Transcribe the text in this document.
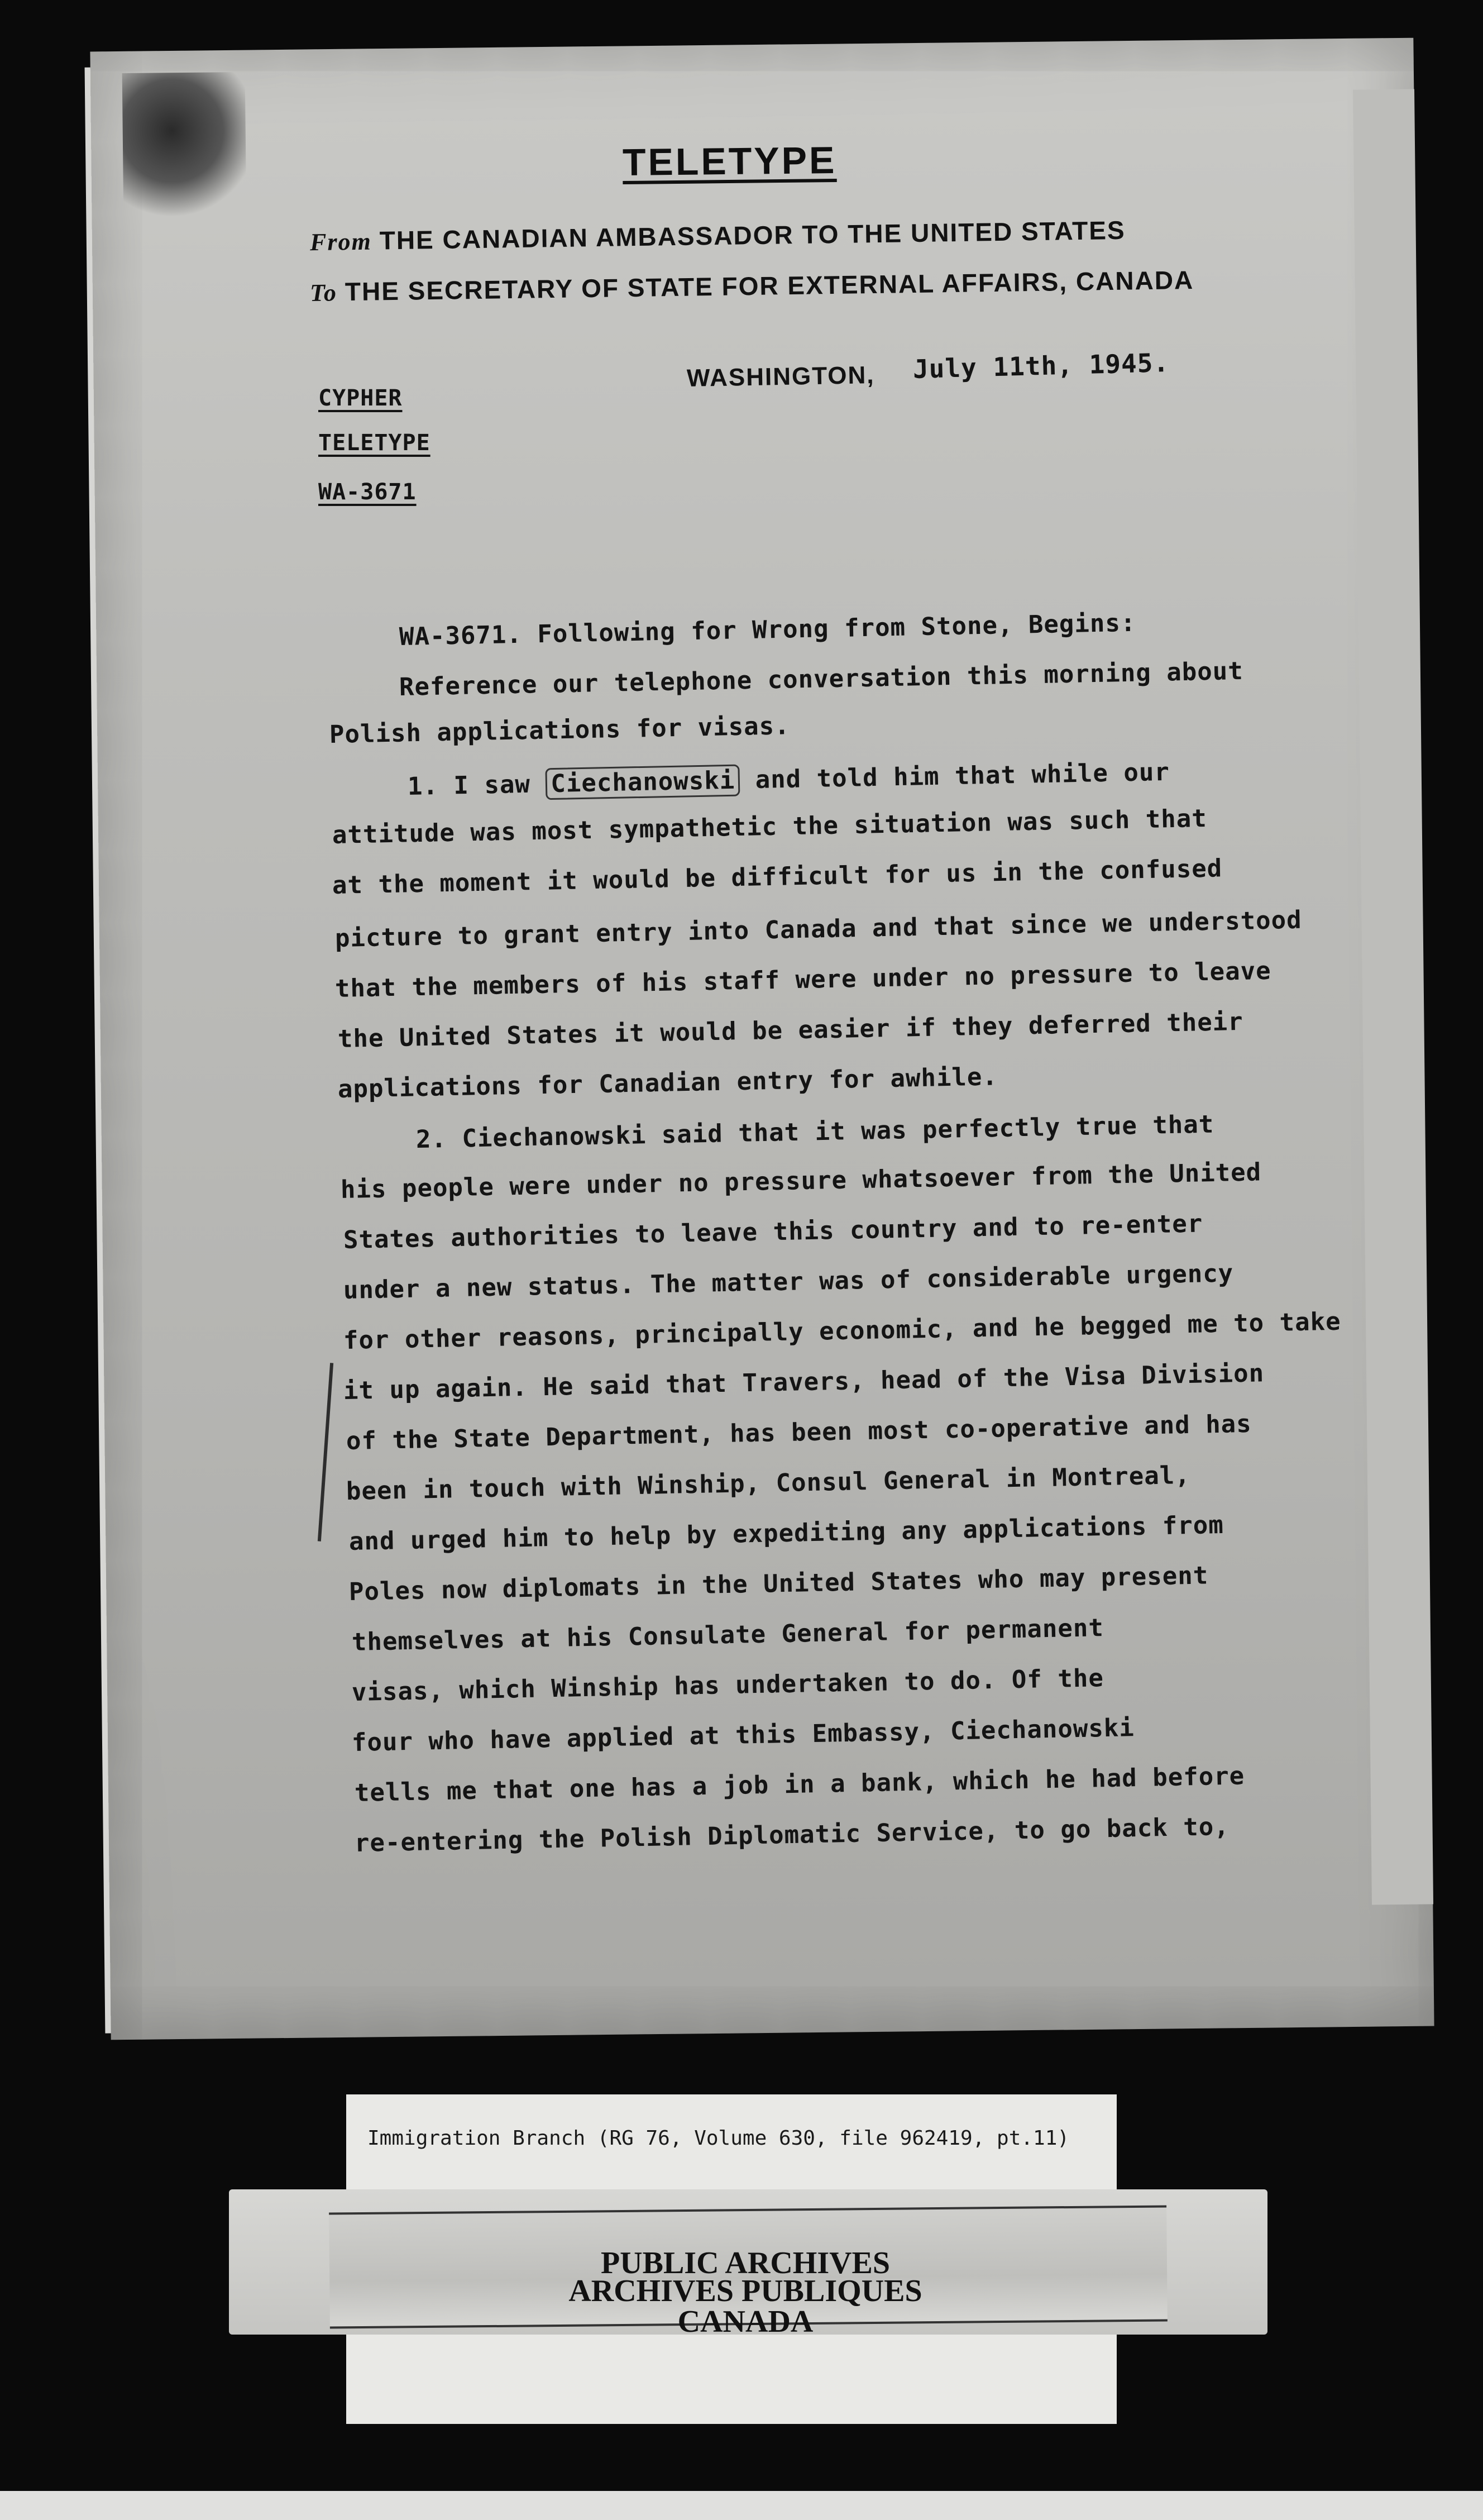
TELETYPE
From THE CANADIAN AMBASSADOR TO THE UNITED STATES
To THE SECRETARY OF STATE FOR EXTERNAL AFFAIRS, CANADA
WASHINGTON, July 11th, 1945.
CYPHER
TELETYPE
WA-3671
WA-3671. Following for Wrong from Stone, Begins:
Reference our telephone conversation this morning about
Polish applications for visas.
1. I saw Ciechanowski and told him that while our
attitude was most sympathetic the situation was such that
at the moment it would be difficult for us in the confused
picture to grant entry into Canada and that since we understood
that the members of his staff were under no pressure to leave
the United States it would be easier if they deferred their
applications for Canadian entry for awhile.
2. Ciechanowski said that it was perfectly true that
his people were under no pressure whatsoever from the United
States authorities to leave this country and to re-enter
under a new status. The matter was of considerable urgency
for other reasons, principally economic, and he begged me to take
it up again. He said that Travers, head of the Visa Division
of the State Department, has been most co-operative and has
been in touch with Winship, Consul General in Montreal,
and urged him to help by expediting any applications from
Poles now diplomats in the United States who may present
themselves at his Consulate General for permanent
visas, which Winship has undertaken to do. Of the
four who have applied at this Embassy, Ciechanowski
tells me that one has a job in a bank, which he had before
re-entering the Polish Diplomatic Service, to go back to,
Immigration Branch (RG 76, Volume 630, file 962419, pt.11)
PUBLIC ARCHIVES
ARCHIVES PUBLIQUES
CANADA
